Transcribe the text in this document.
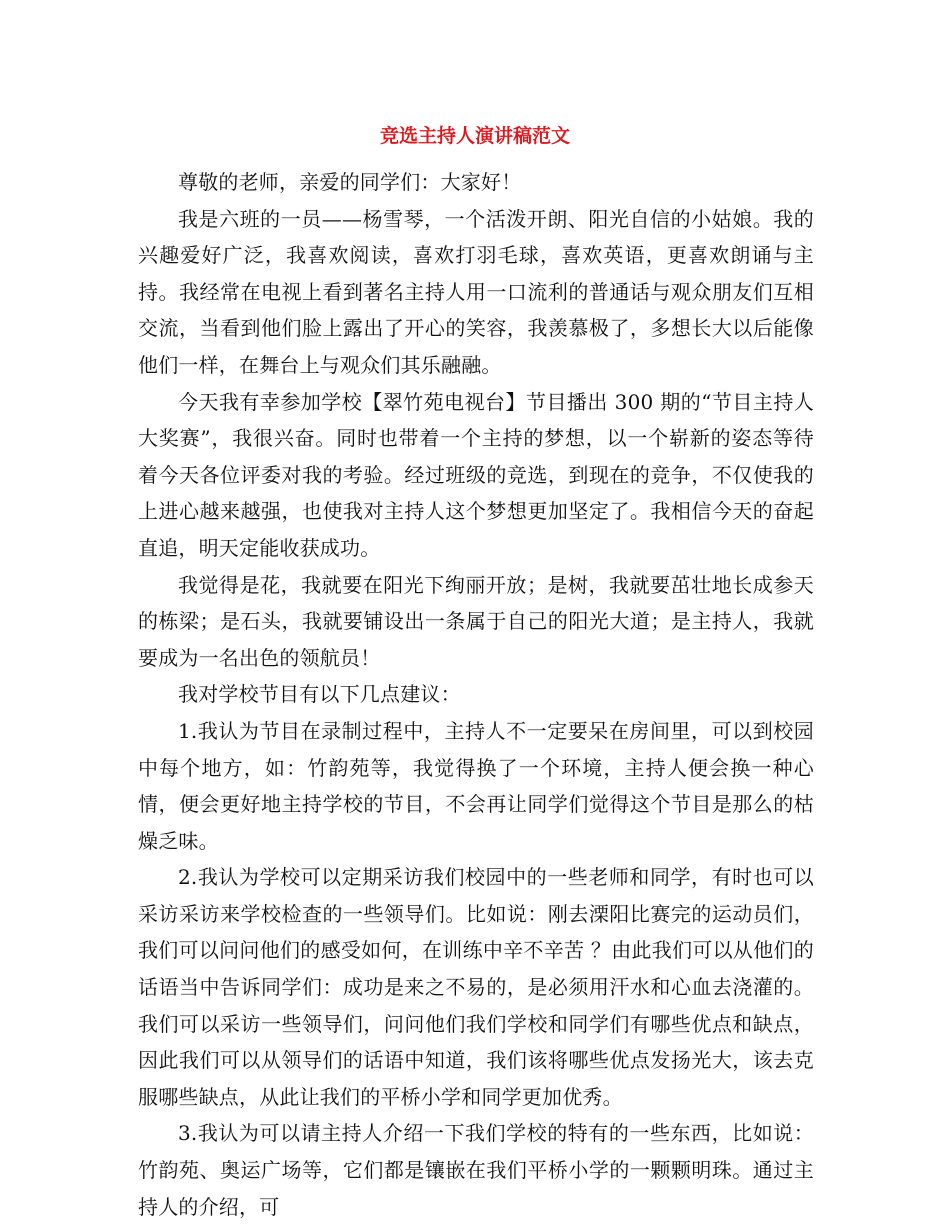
竞选主持人演讲稿范文

尊敬的老师，亲爱的同学们：大家好！

我是六班的一员——杨雪琴，一个活泼开朗、阳光自信的小姑娘。我的兴趣爱好广泛，我喜欢阅读，喜欢打羽毛球，喜欢英语，更喜欢朗诵与主持。我经常在电视上看到著名主持人用一口流利的普通话与观众朋友们互相交流，当看到他们脸上露出了开心的笑容，我羡慕极了，多想长大以后能像他们一样，在舞台上与观众们其乐融融。

今天我有幸参加学校【翠竹苑电视台】节目播出 300 期的“节目主持人大奖赛”，我很兴奋。同时也带着一个主持的梦想，以一个崭新的姿态等待着今天各位评委对我的考验。经过班级的竞选，到现在的竞争，不仅使我的上进心越来越强，也使我对主持人这个梦想更加坚定了。我相信今天的奋起直追，明天定能收获成功。

我觉得是花，我就要在阳光下绚丽开放；是树，我就要茁壮地长成参天的栋梁；是石头，我就要铺设出一条属于自己的阳光大道；是主持人，我就要成为一名出色的领航员！

我对学校节目有以下几点建议：

1.我认为节目在录制过程中，主持人不一定要呆在房间里，可以到校园中每个地方，如：竹韵苑等，我觉得换了一个环境，主持人便会换一种心情，便会更好地主持学校的节目，不会再让同学们觉得这个节目是那么的枯燥乏味。

2.我认为学校可以定期采访我们校园中的一些老师和同学，有时也可以采访采访来学校检查的一些领导们。比如说：刚去溧阳比赛完的运动员们，我们可以问问他们的感受如何，在训练中辛不辛苦 ？由此我们可以从他们的话语当中告诉同学们：成功是来之不易的，是必须用汗水和心血去浇灌的。我们可以采访一些领导们，问问他们我们学校和同学们有哪些优点和缺点，因此我们可以从领导们的话语中知道，我们该将哪些优点发扬光大，该去克服哪些缺点，从此让我们的平桥小学和同学更加优秀。

3.我认为可以请主持人介绍一下我们学校的特有的一些东西，比如说：竹韵苑、奥运广场等，它们都是镶嵌在我们平桥小学的一颗颗明珠。通过主持人的介绍，可
